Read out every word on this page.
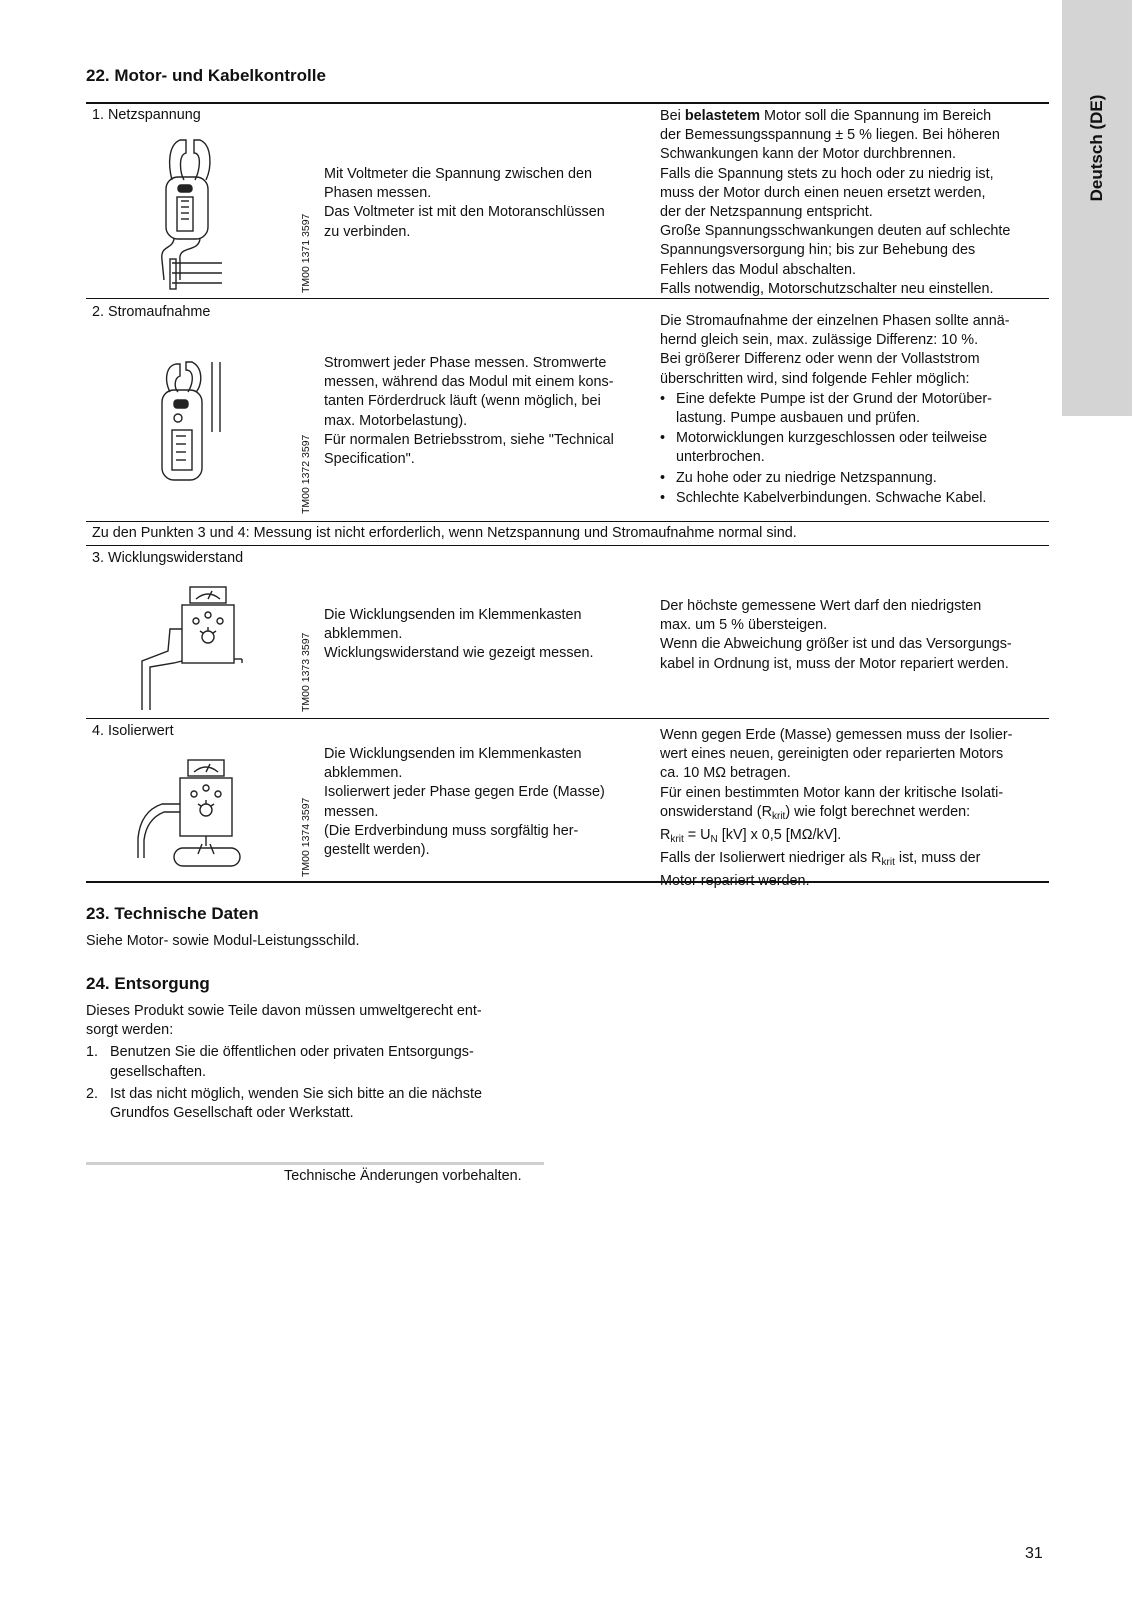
Deutsch (DE)
22. Motor- und Kabelkontrolle
1. Netzspannung
TM00 1371 3597
Mit Voltmeter die Spannung zwischen den
Phasen messen.
Das Voltmeter ist mit den Motoranschlüssen
zu verbinden.
Bei belastetem Motor soll die Spannung im Bereich
der Bemessungsspannung ± 5 % liegen. Bei höheren
Schwankungen kann der Motor durchbrennen.
Falls die Spannung stets zu hoch oder zu niedrig ist,
muss der Motor durch einen neuen ersetzt werden,
der der Netzspannung entspricht.
Große Spannungsschwankungen deuten auf schlechte
Spannungsversorgung hin; bis zur Behebung des
Fehlers das Modul abschalten.
Falls notwendig, Motorschutzschalter neu einstellen.
2. Stromaufnahme
TM00 1372 3597
Stromwert jeder Phase messen. Stromwerte
messen, während das Modul mit einem kons-
tanten Förderdruck läuft (wenn möglich, bei
max. Motorbelastung).
Für normalen Betriebsstrom, siehe "Technical
Specification".
Die Stromaufnahme der einzelnen Phasen sollte annä-
hernd gleich sein, max. zulässige Differenz: 10 %.
Bei größerer Differenz oder wenn der Vollaststrom
überschritten wird, sind folgende Fehler möglich:
• Eine defekte Pumpe ist der Grund der Motorüber-
lastung. Pumpe ausbauen und prüfen.
• Motorwicklungen kurzgeschlossen oder teilweise
unterbrochen.
• Zu hohe oder zu niedrige Netzspannung.
• Schlechte Kabelverbindungen. Schwache Kabel.
Zu den Punkten 3 und 4: Messung ist nicht erforderlich, wenn Netzspannung und Stromaufnahme normal sind.
3. Wicklungswiderstand
TM00 1373 3597
Die Wicklungsenden im Klemmenkasten
abklemmen.
Wicklungswiderstand wie gezeigt messen.
Der höchste gemessene Wert darf den niedrigsten
max. um 5 % übersteigen.
Wenn die Abweichung größer ist und das Versorgungs-
kabel in Ordnung ist, muss der Motor repariert werden.
4. Isolierwert
TM00 1374 3597
Die Wicklungsenden im Klemmenkasten
abklemmen.
Isolierwert jeder Phase gegen Erde (Masse)
messen.
(Die Erdverbindung muss sorgfältig her-
gestellt werden).
Wenn gegen Erde (Masse) gemessen muss der Isolier-
wert eines neuen, gereinigten oder reparierten Motors
ca. 10 MΩ betragen.
Für einen bestimmten Motor kann der kritische Isolati-
onswiderstand $(R_{krit})$ wie folgt berechnet werden:
$R_{krit} = U_N$ [kV] x 0,5 [MΩ/kV].
Falls der Isolierwert niedriger als $R_{krit}$ ist, muss der
Motor repariert werden.
23. Technische Daten
Siehe Motor- sowie Modul-Leistungsschild.
24. Entsorgung
Dieses Produkt sowie Teile davon müssen umweltgerecht ent-
sorgt werden:
1. Benutzen Sie die öffentlichen oder privaten Entsorgungs-
gesellschaften.
2. Ist das nicht möglich, wenden Sie sich bitte an die nächste
Grundfos Gesellschaft oder Werkstatt.
Technische Änderungen vorbehalten.
31
